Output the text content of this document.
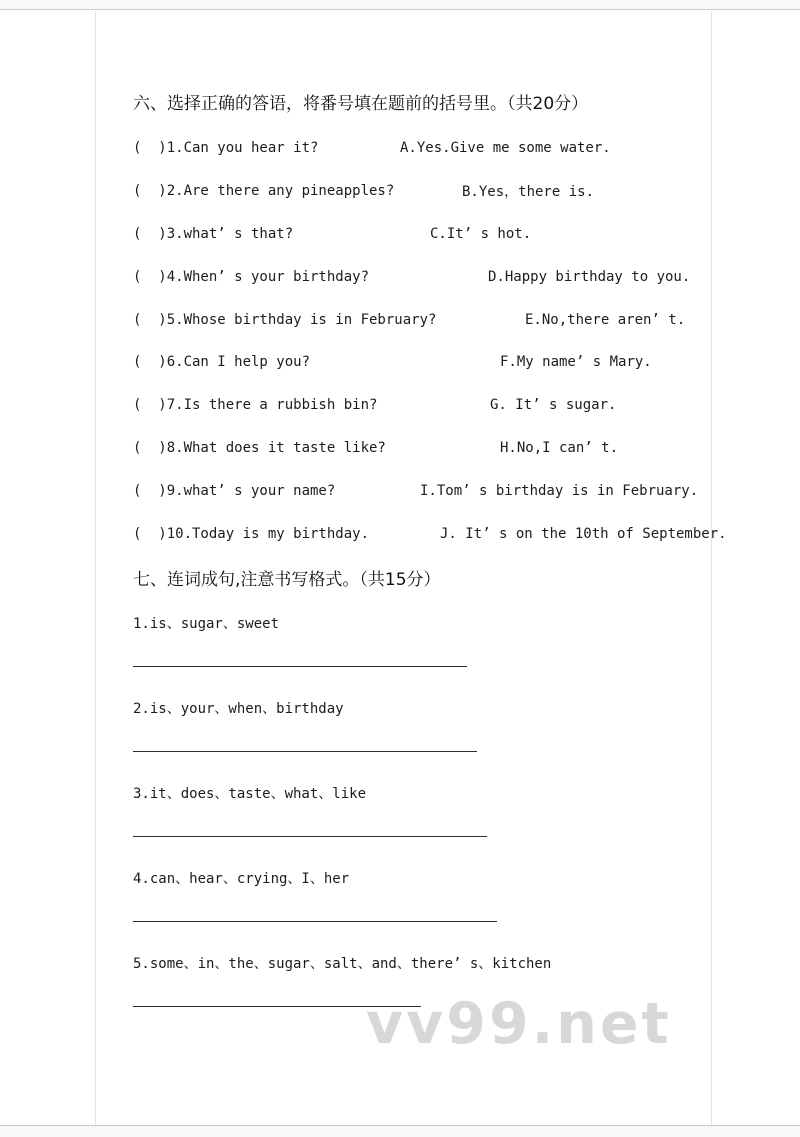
vv99.net
六、选择正确的答语，将番号填在题前的括号里。（共20分）
(  )1.Can you hear it?	A.Yes.Give me some water.
(  )2.Are there any pineapples?	B.Yes，there is.
(  )3.what’ s that?	C.It’ s hot.
(  )4.When’ s your birthday?	D.Happy birthday to you.
(  )5.Whose birthday is in February?	E.No,there aren’ t.
(  )6.Can I help you?	F.My name’ s Mary.
(  )7.Is there a rubbish bin?	G. It’ s sugar.
(  )8.What does it taste like?	H.No,I can’ t.
(  )9.what’ s your name?	I.Tom’ s birthday is in February.
(  )10.Today is my birthday.	J. It’ s on the 10th of September.
七、连词成句,注意书写格式。（共15分）
1.is、sugar、sweet
2.is、your、when、birthday
3.it、does、taste、what、like
4.can、hear、crying、I、her
5.some、in、the、sugar、salt、and、there’ s、kitchen
